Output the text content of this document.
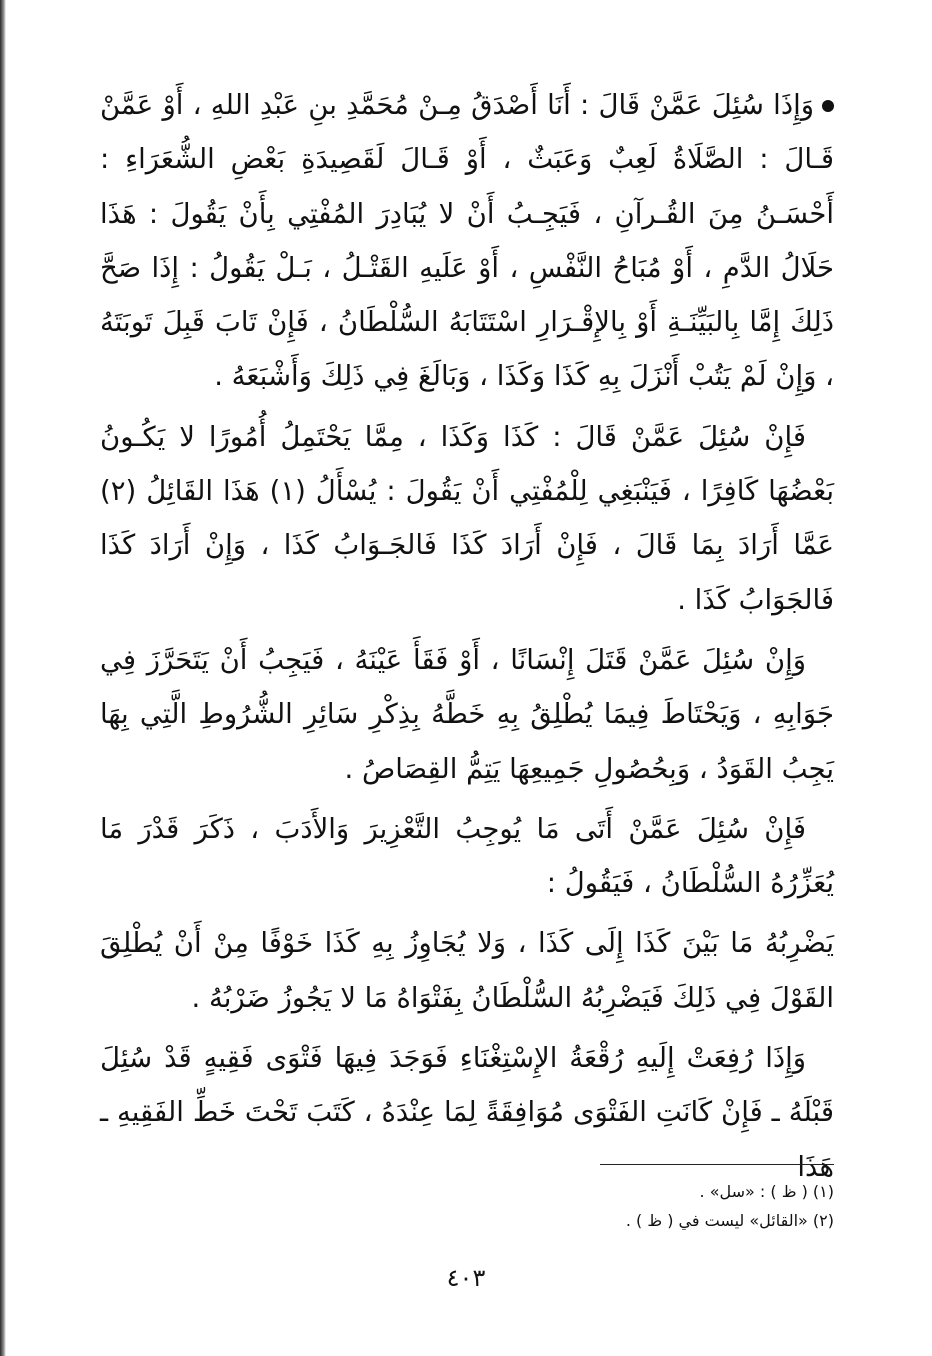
وَإِذَا سُئِلَ عَمَّنْ قَالَ : أَنَا أَصْدَقُ مِـنْ مُحَمَّدِ بنِ عَبْدِ اللهِ ، أَوْ عَمَّنْ قَـالَ : الصَّلَاةُ لَعِبٌ وَعَبَثٌ ، أَوْ قَـالَ لَقَصِيدَةِ بَعْضِ الشُّعَرَاءِ : أَحْسَـنُ مِنَ القُـرآنِ ، فَيَجِـبُ أَنْ لا يُبَادِرَ المُفْتِي بِأَنْ يَقُولَ : هَذَا حَلَالُ الدَّمِ ، أَوْ مُبَاحُ النَّفْسِ ، أَوْ عَلَيهِ القَتْـلُ ، بَـلْ يَقُولُ : إِذَا صَحَّ ذَلِكَ إِمَّا بِالبَيِّنَـةِ أَوْ بِالإِقْـرَارِ اسْتَتَابَهُ السُّلْطَانُ ، فَإِنْ تَابَ قَبِلَ تَوبَتَهُ ، وَإِنْ لَمْ يَتُبْ أَنْزَلَ بِهِ كَذَا وَكَذَا ، وَبَالَغَ فِي ذَلِكَ وَأَشْبَعَهُ .

فَإِنْ سُئِلَ عَمَّنْ قَالَ : كَذَا وَكَذَا ، مِمَّا يَحْتَمِلُ أُمُورًا لا يَكُـونُ بَعْضُهَا كَافِرًا ، فَيَنْبَغِي لِلْمُفْتِي أَنْ يَقُولَ : يُسْأَلُ (١) هَذَا القَائِلُ (٢) عَمَّا أَرَادَ بِمَا قَالَ ، فَإِنْ أَرَادَ كَذَا فَالجَـوَابُ كَذَا ، وَإِنْ أَرَادَ كَذَا فَالجَوَابُ كَذَا .

وَإِنْ سُئِلَ عَمَّنْ قَتَلَ إِنْسَانًا ، أَوْ فَقَأَ عَيْنَهُ ، فَيَجِبُ أَنْ يَتَحَرَّزَ فِي جَوَابِهِ ، وَيَحْتَاطَ فِيمَا يُطْلِقُ بِهِ خَطَّهُ بِذِكْرِ سَائِرِ الشُّرُوطِ الَّتِي بِهَا يَجِبُ القَوَدُ ، وَبِحُصُولِ جَمِيعِهَا يَتِمُّ القِصَاصُ .

فَإِنْ سُئِلَ عَمَّنْ أَتَى مَا يُوجِبُ التَّعْزِيرَ وَالأَدَبَ ، ذَكَرَ قَدْرَ مَا يُعَزِّرُهُ السُّلْطَانُ ، فَيَقُولُ :

يَضْرِبُهُ مَا بَيْنَ كَذَا إِلَى كَذَا ، وَلا يُجَاوِزُ بِهِ كَذَا خَوْفًا مِنْ أَنْ يُطْلِقَ القَوْلَ فِي ذَلِكَ فَيَضْرِبُهُ السُّلْطَانُ بِفَتْوَاهُ مَا لا يَجُوزُ ضَرْبُهُ .

وَإِذَا رُفِعَتْ إِلَيهِ رُقْعَةُ الإِسْتِغْنَاءِ فَوَجَدَ فِيهَا فَتْوَى فَقِيهٍ قَدْ سُئِلَ قَبْلَهُ ـ فَإِنْ كَانَتِ الفَتْوَى مُوَافِقَةً لِمَا عِنْدَهُ ، كَتَبَ تَحْتَ خَطِّ الفَقِيهِ ـ هَذَا

(١) ( ظ ) : «سل» .

(٢) «القائل» ليست في ( ظ ) .

٤٠٣
